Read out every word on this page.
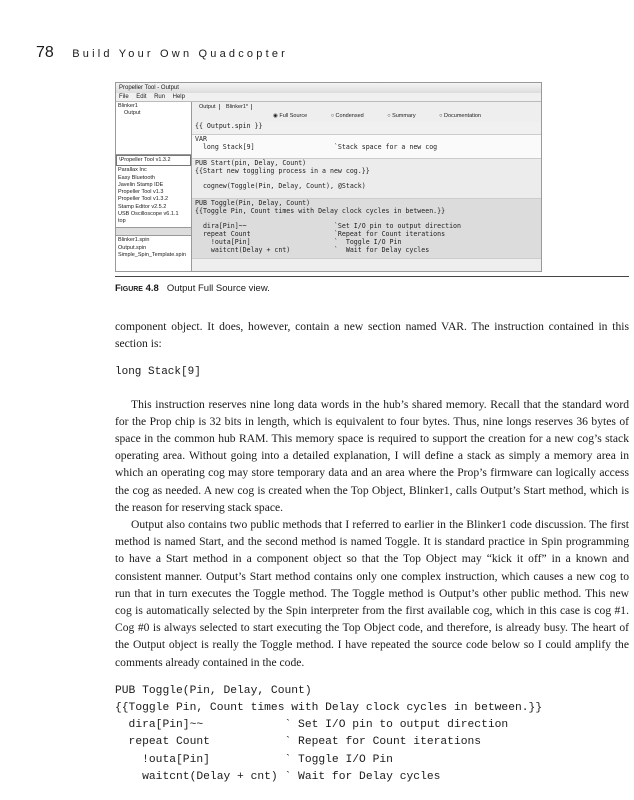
78 Build Your Own Quadcopter
Propeller Tool - Output
File Edit Run Help
Blinker1
Output
\Propeller Tool v1.3.2
Parallax Inc
Easy Bluetooth
Javelin Stamp IDE
Propeller Tool v1.3
Propeller Tool v1.3.2
Stamp Editor v2.5.2
USB Oscilloscope v6.1.1
top
Blinker1.spin
Output.spin
Simple_Spin_Template.spin
Output Blinker1*
◉ Full Source	○ Condensed	○ Summary	○ Documentation
{{ Output.spin }}
VAR
long Stack[9]                    `Stack space for a new cog
PUB Start(pin, Delay, Count)
{{Start new toggling process in a new cog.}}

cognew(Toggle(Pin, Delay, Count), @Stack)
PUB Toggle(Pin, Delay, Count)
{{Toggle Pin, Count times with Delay clock cycles in between.}}

dira[Pin]~~                      `Set I/O pin to output direction
repeat Count                     `Repeat for Count iterations
!outa[Pin]                     `  Toggle I/O Pin
waitcnt(Delay + cnt)           `  Wait for Delay cycles
Figure 4.8 Output Full Source view.

component object. It does, however, contain a new section named VAR. The instruction contained in this section is:

long Stack[9]

This instruction reserves nine long data words in the hub’s shared memory. Recall that the standard word for the Prop chip is 32 bits in length, which is equivalent to four bytes. Thus, nine longs reserves 36 bytes of space in the common hub RAM. This memory space is required to support the creation for a new cog’s stack operating area. Without going into a detailed explanation, I will define a stack as simply a memory area in which an operating cog may store temporary data and an area where the Prop’s firmware can logically access the cog as needed. A new cog is created when the Top Object, Blinker1, calls Output’s Start method, which is the reason for reserving stack space.

Output also contains two public methods that I referred to earlier in the Blinker1 code discussion. The first method is named Start, and the second method is named Toggle. It is standard practice in Spin programming to have a Start method in a component object so that the Top Object may “kick it off” in a known and consistent manner. Output’s Start method contains only one complex instruction, which causes a new cog to run that in turn executes the Toggle method. The Toggle method is Output’s other public method. This new cog is automatically selected by the Spin interpreter from the first available cog, which in this case is cog #1. Cog #0 is always selected to start executing the Top Object code, and therefore, is already busy. The heart of the Output object is really the Toggle method. I have repeated the source code below so I could amplify the comments already contained in the code.

PUB Toggle(Pin, Delay, Count)
{{Toggle Pin, Count times with Delay clock cycles in between.}}
dira[Pin]~~            ` Set I/O pin to output direction
repeat Count           ` Repeat for Count iterations
!outa[Pin]           ` Toggle I/O Pin
waitcnt(Delay + cnt) ` Wait for Delay cycles
